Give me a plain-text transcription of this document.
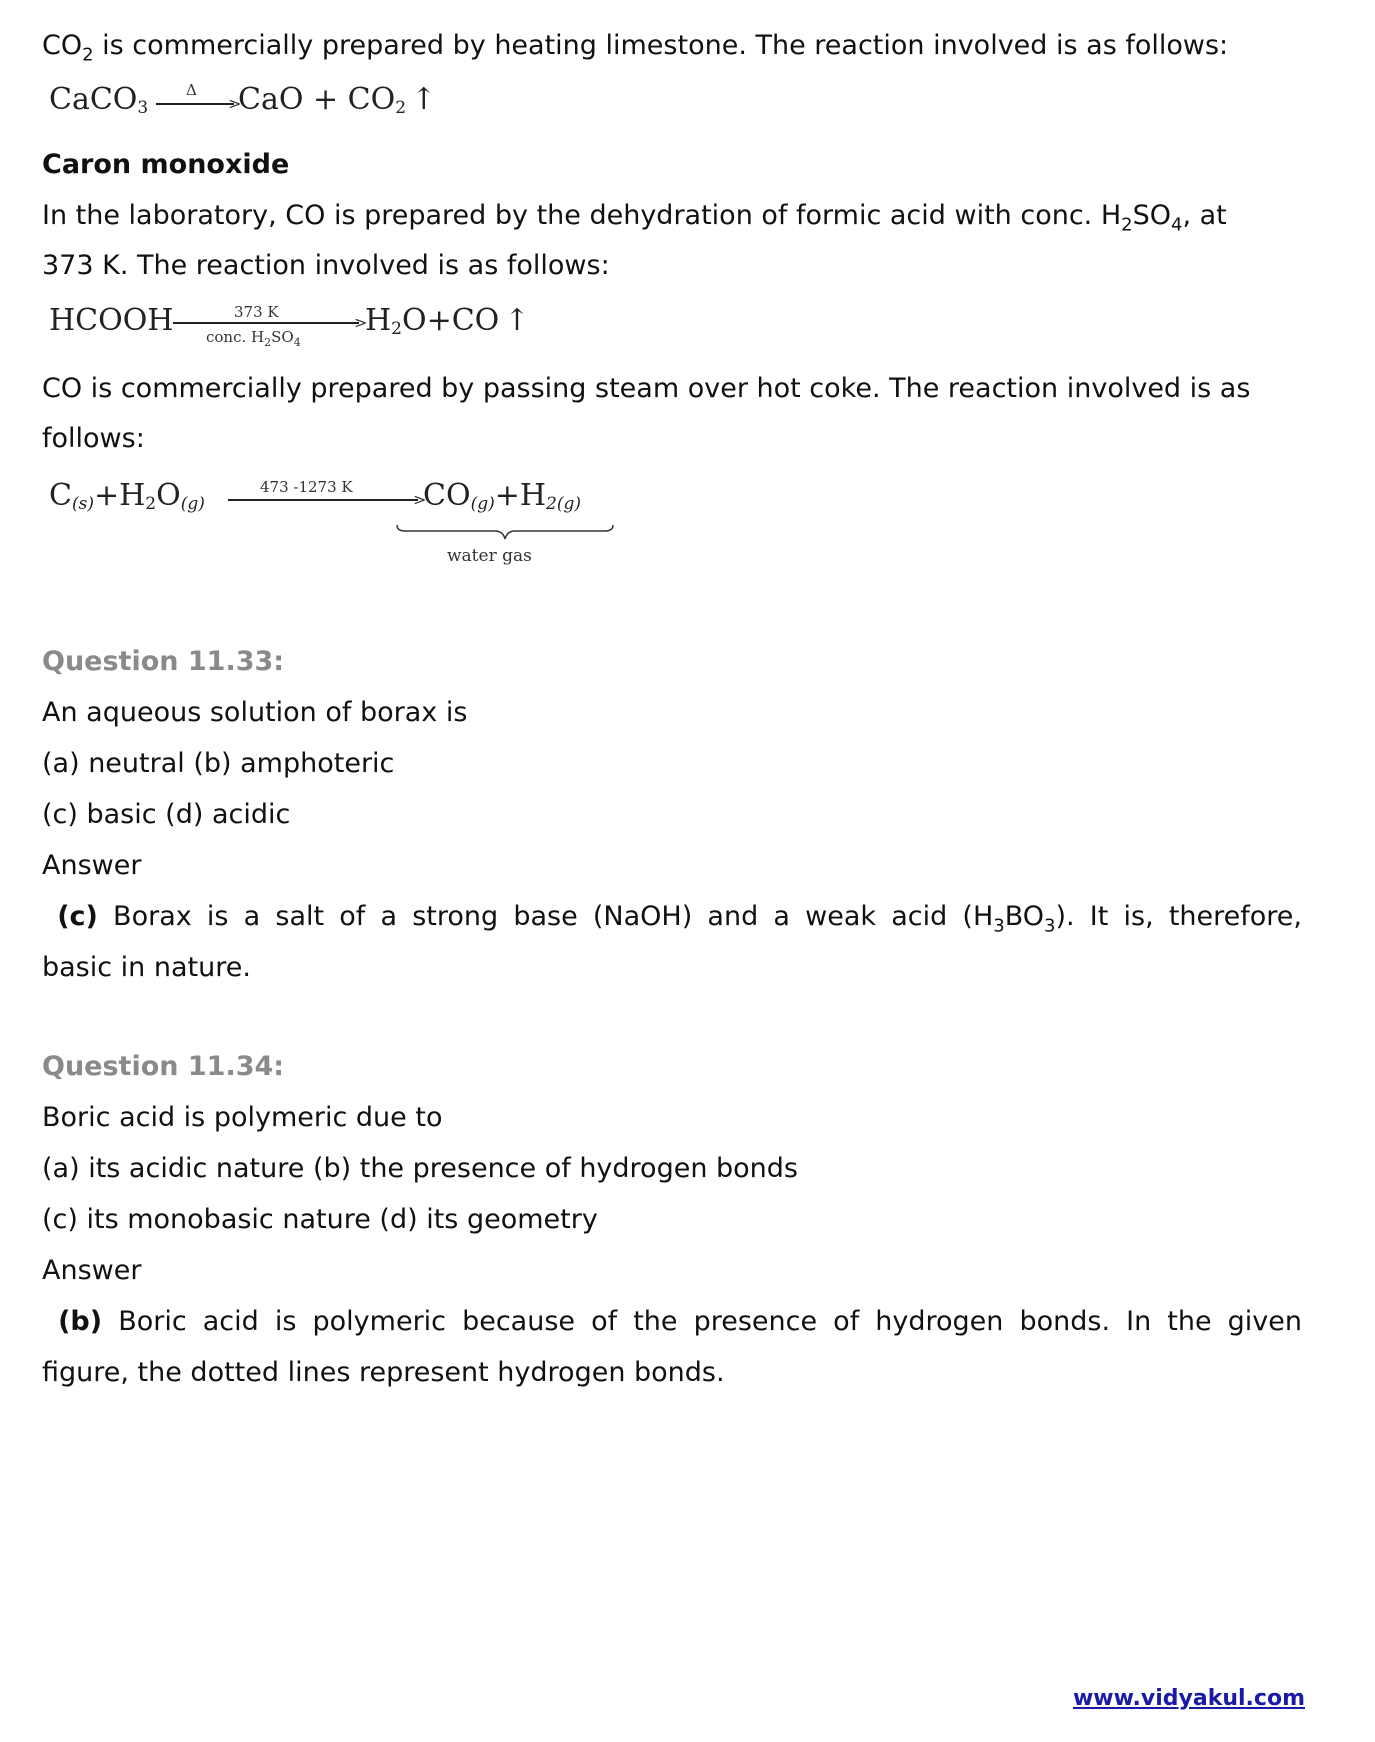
$CO_2$ is commercially prepared by heating limestone. The reaction involved is as follows:
CaCO$_3$	>
Δ CaO + $CO_2$ ↑
Caron monoxide
In the laboratory, CO is prepared by the dehydration of formic acid with conc. $H_2SO_4$, at
373 K. The reaction involved is as follows:
HCOOH	>
373 K
conc. $H_2SO_4$
$H_2O+CO$ ↑
CO is commercially prepared by passing steam over hot coke. The reaction involved is as
follows:
$C_{(s)}+H_2O_{(g)}$	>
473 -1273 K $CO_{(g)}+H_{2(g)}$
water gas
Question 11.33:
An aqueous solution of borax is
(a) neutral (b) amphoteric
(c) basic (d) acidic
Answer
(c) Borax is a salt of a strong base (NaOH) and a weak acid $(H_3BO_3)$. It is, therefore,
basic in nature.
Question 11.34:
Boric acid is polymeric due to
(a) its acidic nature (b) the presence of hydrogen bonds
(c) its monobasic nature (d) its geometry
Answer
(b) Boric acid is polymeric because of the presence of hydrogen bonds. In the given
figure, the dotted lines represent hydrogen bonds.
www.vidyakul.com
